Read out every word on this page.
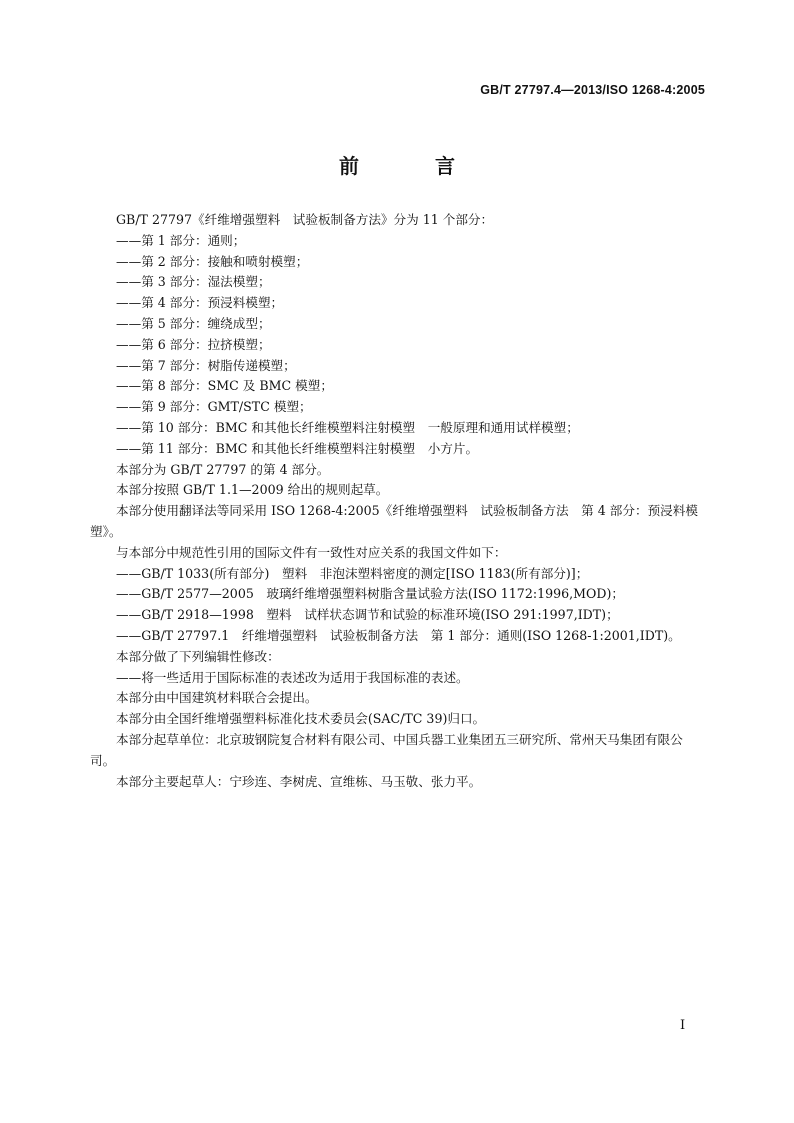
GB/T 27797.4—2013/ISO 1268-4:2005
前　言

GB/T 27797《纤维增强塑料　试验板制备方法》分为 11 个部分：

——第 1 部分：通则；

——第 2 部分：接触和喷射模塑；

——第 3 部分：湿法模塑；

——第 4 部分：预浸料模塑；

——第 5 部分：缠绕成型；

——第 6 部分：拉挤模塑；

——第 7 部分：树脂传递模塑；

——第 8 部分：SMC 及 BMC 模塑；

——第 9 部分：GMT/STC 模塑；

——第 10 部分：BMC 和其他长纤维模塑料注射模塑　一般原理和通用试样模塑；

——第 11 部分：BMC 和其他长纤维模塑料注射模塑　小方片。

本部分为 GB/T 27797 的第 4 部分。

本部分按照 GB/T 1.1—2009 给出的规则起草。

本部分使用翻译法等同采用 ISO 1268-4:2005《纤维增强塑料　试验板制备方法　第 4 部分：预浸料模塑》。

与本部分中规范性引用的国际文件有一致性对应关系的我国文件如下：

——GB/T 1033(所有部分)　塑料　非泡沫塑料密度的测定[ISO 1183(所有部分)]；

——GB/T 2577—2005　玻璃纤维增强塑料树脂含量试验方法(ISO 1172:1996,MOD)；

——GB/T 2918—1998　塑料　试样状态调节和试验的标准环境(ISO 291:1997,IDT)；

——GB/T 27797.1　纤维增强塑料　试验板制备方法　第 1 部分：通则(ISO 1268-1:2001,IDT)。

本部分做了下列编辑性修改：

——将一些适用于国际标准的表述改为适用于我国标准的表述。

本部分由中国建筑材料联合会提出。

本部分由全国纤维增强塑料标准化技术委员会(SAC/TC 39)归口。

本部分起草单位：北京玻钢院复合材料有限公司、中国兵器工业集团五三研究所、常州天马集团有限公司。

本部分主要起草人：宁珍连、李树虎、宣维栋、马玉敬、张力平。

I
